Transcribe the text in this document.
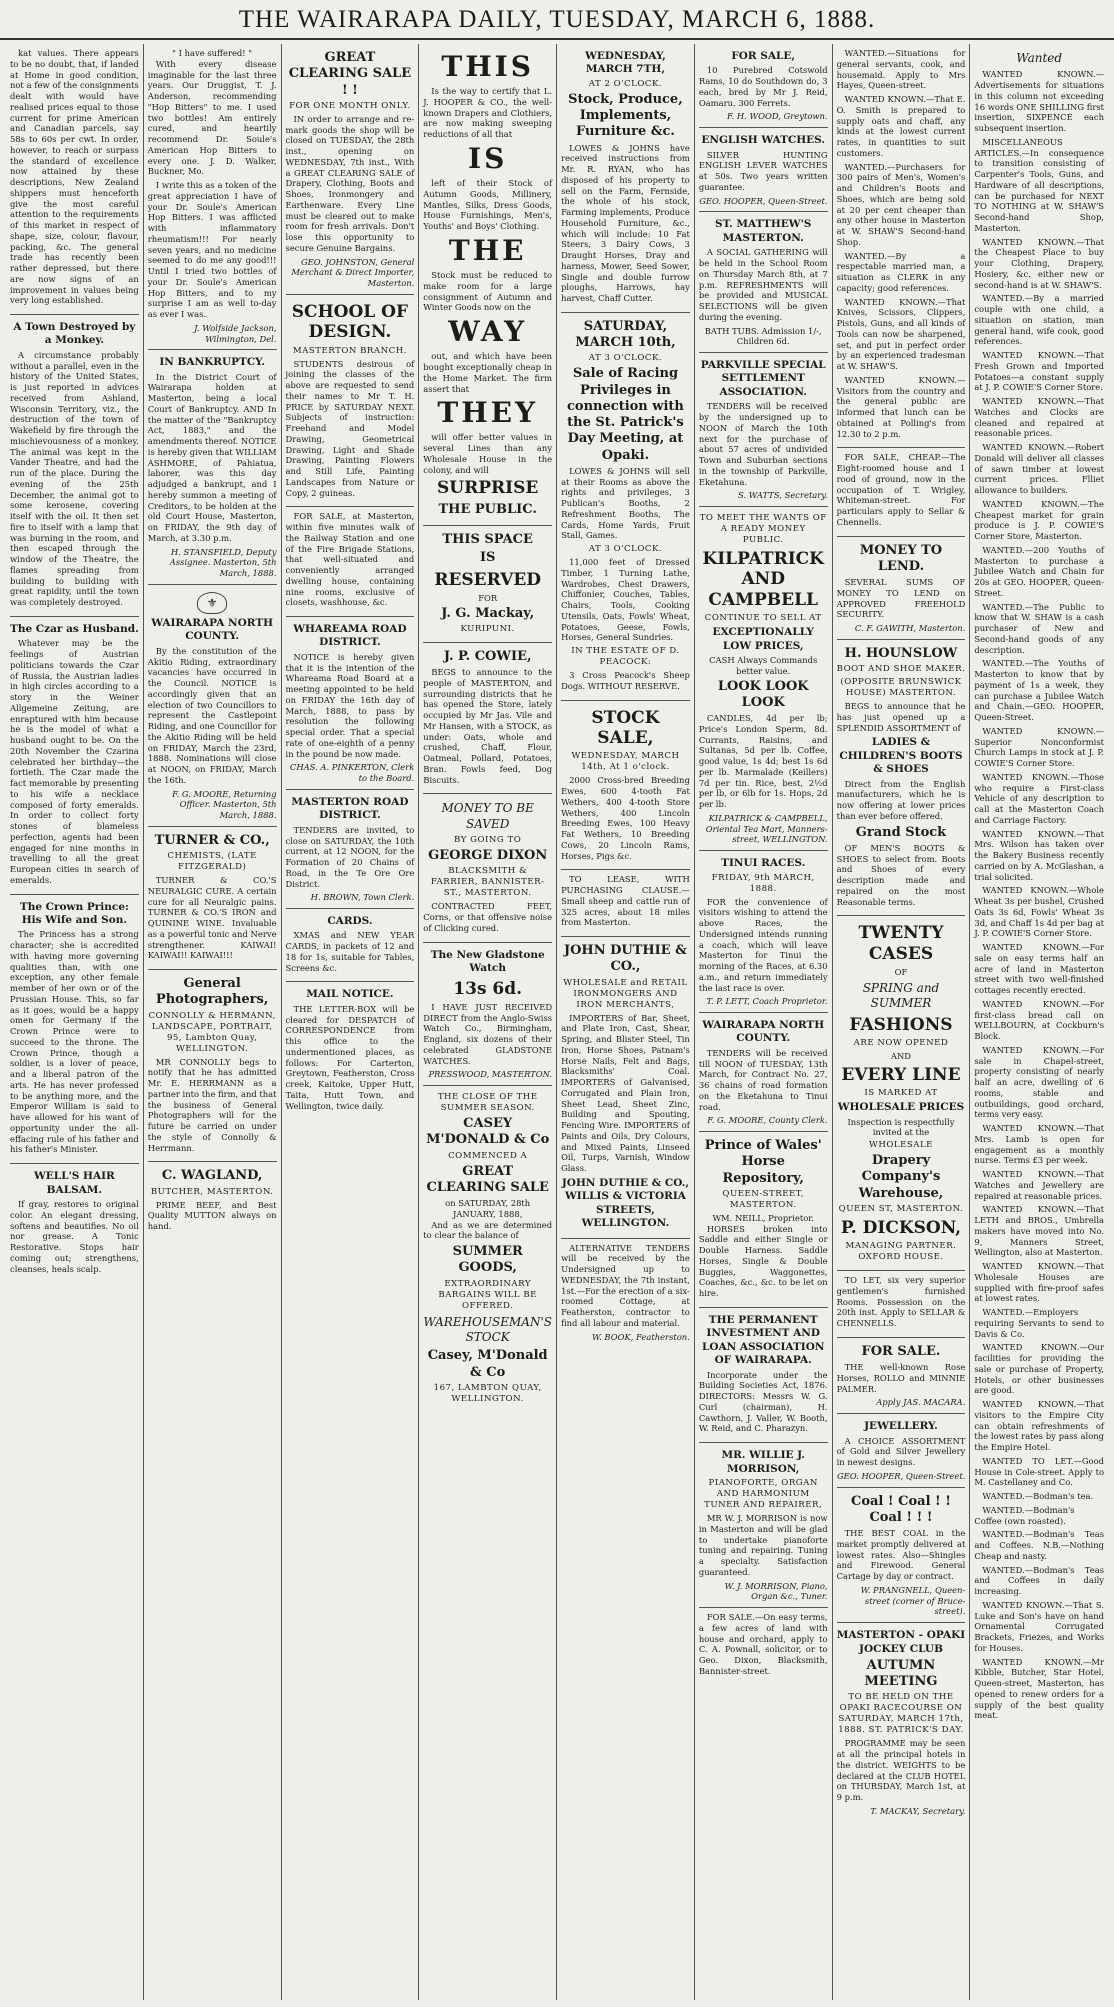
THE WAIRARAPA DAILY, TUESDAY, MARCH 6, 1888.

kat values. There appears to be no doubt, that, if landed at Home in good condition, not a few of the consignments dealt with would have realised prices equal to those current for prime American and Canadian parcels, say 58s to 60s per cwt. In order, however, to reach or surpass the standard of excellence now attained by these descriptions, New Zealand shippers must henceforth give the most careful attention to the requirements of this market in respect of shape, size, colour, flavour, packing, &c. The general trade has recently been rather depressed, but there are now signs of an improvement in values being very long established.

A Town Destroyed by a Monkey.

A circumstance probably without a parallel, even in the history of the United States, is just reported in advices received from Ashland, Wisconsin Territory, viz., the destruction of the town of Wakefield by fire through the mischievousness of a monkey. The animal was kept in the Vander Theatre, and had the run of the place. During the evening of the 25th December, the animal got to some kerosene, covering itself with the oil. It then set fire to itself with a lamp that was burning in the room, and then escaped through the window of the Theatre, the flames spreading from building to building with great rapidity, until the town was completely destroyed.

The Czar as Husband.

Whatever may be the feelings of Austrian politicians towards the Czar of Russia, the Austrian ladies in high circles according to a story in the Weiner Allgemeine Zeitung, are enraptured with him because he is the model of what a husband ought to be. On the 20th November the Czarina celebrated her birthday—the fortieth. The Czar made the fact memorable by presenting to his wife a necklace composed of forty emeralds. In order to collect forty stones of blameless perfection, agents had been engaged for nine months in travelling to all the great European cities in search of emeralds.

The Crown Prince: His Wife and Son.

The Princess has a strong character; she is accredited with having more governing qualities than, with one exception, any other female member of her own or of the Prussian House. This, so far as it goes, would be a happy omen for Germany if the Crown Prince were to succeed to the throne. The Crown Prince, though a soldier, is a lover of peace, and a liberal patron of the arts. He has never professed to be anything more, and the Emperor William is said to have allowed for his want of opportunity under the all-effacing rule of his father and his father's Minister.

WELL'S HAIR BALSAM.

If gray, restores to original color. An elegant dressing, softens and beautifies. No oil nor grease. A Tonic Restorative. Stops hair coming out; strengthens, cleanses, heals scalp.

" I have suffered! "

With every disease imaginable for the last three years. Our Druggist, T. J. Anderson, recommending "Hop Bitters" to me. I used two bottles! Am entirely cured, and heartily recommend Dr. Soule's American Hop Bitters to every one. J. D. Walker, Buckner, Mo.

I write this as a token of the great appreciation I have of your Dr. Soule's American Hop Bitters. I was afflicted with inflammatory rheumatism!!! For nearly seven years, and no medicine seemed to do me any good!!! Until I tried two bottles of your Dr. Soule's American Hop Bitters, and to my surprise I am as well to-day as ever I was.

J. Wolfside Jackson, Wilmington, Del.
IN BANKRUPTCY.

In the District Court of Wairarapa holden at Masterton, being a local Court of Bankruptcy. AND In the matter of the "Bankruptcy Act, 1883," and the amendments thereof. NOTICE is hereby given that WILLIAM ASHMORE, of Pahiatua, laborer, was this day adjudged a bankrupt, and I hereby summon a meeting of Creditors, to be holden at the old Court House, Masterton, on FRIDAY, the 9th day of March, at 3.30 p.m.

H. STANSFIELD, Deputy Assignee. Masterton, 5th March, 1888.
⚜
WAIRARAPA NORTH COUNTY.

By the constitution of the Akitio Riding, extraordinary vacancies have occurred in the Council. NOTICE is accordingly given that an election of two Councillors to represent the Castlepoint Riding, and one Councillor for the Akitio Riding will be held on FRIDAY, March the 23rd, 1888. Nominations will close at NOON, on FRIDAY, March the 16th.

F. G. MOORE, Returning Officer. Masterton, 5th March, 1888.
TURNER & CO.,
CHEMISTS, (LATE FITZGERALD)

TURNER & CO.'S NEURALGIC CURE. A certain cure for all Neuralgic pains. TURNER & CO.'S IRON and QUININE WINE. Invaluable as a powerful tonic and Nerve strengthener. KAIWAI! KAIWAI!! KAIWAI!!!

General Photographers,
CONNOLLY & HERMANN, LANDSCAPE, PORTRAIT, 95, Lambton Quay, WELLINGTON.

MR CONNOLLY begs to notify that he has admitted Mr. E. HERRMANN as a partner into the firm, and that the business of General Photographers will for the future be carried on under the style of Connolly & Herrmann.

C. WAGLAND,
BUTCHER, MASTERTON.

PRIME BEEF, and Best Quality MUTTON always on hand.

GREAT CLEARING SALE ! !
FOR ONE MONTH ONLY.

IN order to arrange and re-mark goods the shop will be closed on TUESDAY, the 28th inst., opening on WEDNESDAY, 7th inst., With a GREAT CLEARING SALE of Drapery, Clothing, Boots and Shoes, Ironmongery and Earthenware. Every Line must be cleared out to make room for fresh arrivals. Don't lose this opportunity to secure Genuine Bargains.

GEO. JOHNSTON, General Merchant & Direct Importer, Masterton.
SCHOOL OF DESIGN.
MASTERTON BRANCH.

STUDENTS desirous of joining the classes of the above are requested to send their names to Mr T. H. PRICE by SATURDAY NEXT. Subjects of instruction: Freehand and Model Drawing, Geometrical Drawing, Light and Shade Drawing, Painting Flowers and Still Life, Painting Landscapes from Nature or Copy, 2 guineas.

FOR SALE, at Masterton, within five minutes walk of the Railway Station and one of the Fire Brigade Stations, that well-situated and conveniently arranged dwelling house, containing nine rooms, exclusive of closets, washhouse, &c.

WHAREAMA ROAD DISTRICT.

NOTICE is hereby given that it is the intention of the Whareama Road Board at a meeting appointed to be held on FRIDAY the 16th day of March, 1888, to pass by resolution the following special order. That a special rate of one-eighth of a penny in the pound be now made.

CHAS. A. PINKERTON, Clerk to the Board.
MASTERTON ROAD DISTRICT.

TENDERS are invited, to close on SATURDAY, the 10th current, at 12 NOON, for the Formation of 20 Chains of Road, in the Te Ore Ore District.

H. BROWN, Town Clerk.
CARDS.

XMAS and NEW YEAR CARDS, in packets of 12 and 18 for 1s, suitable for Tables, Screens &c.

MAIL NOTICE.

THE LETTER-BOX will be cleared for DESPATCH of CORRESPONDENCE from this office to the undermentioned places, as follows: For Carterton, Greytown, Featherston, Cross creek, Kaitoke, Upper Hutt, Taita, Hutt Town, and Wellington, twice daily.

THIS

Is the way to certify that L. J. HOOPER & CO., the well-known Drapers and Clothiers, are now making sweeping reductions of all that

IS

left of their Stock of Autumn Goods, Millinery, Mantles, Silks, Dress Goods, House Furnishings, Men's, Youths' and Boys' Clothing.

THE

Stock must be reduced to make room for a large consignment of Autumn and Winter Goods now on the

WAY

out, and which have been bought exceptionally cheap in the Home Market. The firm assert that

THEY

will offer better values in several Lines than any Wholesale House in the colony, and will

SURPRISE
THE PUBLIC.
THIS SPACE
IS
RESERVED
FOR
J. G. Mackay,
KURIPUNI.
J. P. COWIE,

BEGS to announce to the people of MASTERTON, and surrounding districts that he has opened the Store, lately occupied by Mr Jas. Vile and Mr Hansen, with a STOCK, as under: Oats, whole and crushed, Chaff, Flour, Oatmeal, Pollard, Potatoes, Bran. Fowls feed, Dog Biscuits.

MONEY TO BE SAVED
BY GOING TO
GEORGE DIXON
BLACKSMITH & FARRIER, BANNISTER-ST., MASTERTON.

CONTRACTED FEET, Corns, or that offensive noise of Clicking cured.

The New Gladstone Watch
13s 6d.

I HAVE JUST RECEIVED DIRECT from the Anglo-Swiss Watch Co., Birmingham, England, six dozens of their celebrated GLADSTONE WATCHES.

PRESSWOOD, MASTERTON.
THE CLOSE OF THE SUMMER SEASON.
CASEY M'DONALD & Co
COMMENCED A
GREAT CLEARING SALE
on SATURDAY, 28th JANUARY, 1888,

And as we are determined to clear the balance of

SUMMER GOODS,
EXTRAORDINARY BARGAINS WILL BE OFFERED.
WAREHOUSEMAN'S STOCK
Casey, M'Donald & Co
167, LAMBTON QUAY, WELLINGTON.
WEDNESDAY, MARCH 7TH,
AT 2 O'CLOCK.
Stock, Produce, Implements, Furniture &c.

LOWES & JOHNS have received instructions from Mr. R. RYAN, who has disposed of his property to sell on the Farm, Fernside, the whole of his stock, Farming implements, Produce Household Furniture, &c., which will include: 10 Fat Steers, 3 Dairy Cows, 3 Draught Horses, Dray and harness, Mower, Seed Sower, Single and double furrow ploughs, Harrows, hay harvest, Chaff Cutter.

SATURDAY, MARCH 10th,
AT 3 O'CLOCK.
Sale of Racing Privileges in connection with the St. Patrick's Day Meeting, at Opaki.

LOWES & JOHNS will sell at their Rooms as above the rights and privileges, 3 Publican's Booths, 2 Refreshment Booths, The Cards, Home Yards, Fruit Stall, Games.

AT 3 O'CLOCK.

11,000 feet of Dressed Timber, 1 Turning Lathe, Wardrobes, Chest Drawers, Chiffonier, Couches, Tables, Chairs, Tools, Cooking Utensils, Oats, Fowls' Wheat, Potatoes, Geese, Fowls, Horses, General Sundries.

IN THE ESTATE OF D. PEACOCK:

3 Cross Peacock's Sheep Dogs. WITHOUT RESERVE.

STOCK SALE,
WEDNESDAY, MARCH 14th, At 1 o'clock.

2000 Cross-bred Breeding Ewes, 600 4-tooth Fat Wethers, 400 4-tooth Store Wethers, 400 Lincoln Breeding Ewes, 100 Heavy Fat Wethers, 10 Breeding Cows, 20 Lincoln Rams, Horses, Pigs &c.

TO LEASE, WITH PURCHASING CLAUSE.—Small sheep and cattle run of 325 acres, about 18 miles from Masterton.

JOHN DUTHIE & CO.,
WHOLESALE and RETAIL IRONMONGERS AND IRON MERCHANTS,

IMPORTERS of Bar, Sheet, and Plate Iron, Cast, Shear, Spring, and Blister Steel, Tin Iron, Horse Shoes, Patnam's Horse Nails, Felt and Bags, Blacksmiths' Coal. IMPORTERS of Galvanised, Corrugated and Plain Iron, Sheet Lead, Sheet Zinc, Building and Spouting, Fencing Wire. IMPORTERS of Paints and Oils, Dry Colours, and Mixed Paints, Linseed Oil, Turps, Varnish, Window Glass.

JOHN DUTHIE & CO., WILLIS & VICTORIA STREETS, WELLINGTON.

ALTERNATIVE TENDERS will be received by the Undersigned up to WEDNESDAY, the 7th instant, 1st.—For the erection of a six-roomed Cottage, at Featherston, contractor to find all labour and material.

W. BOOK, Featherston.
FOR SALE,

10 Purebred Cotswold Rams, 10 do Southdown do, 3 each, bred by Mr J. Reid, Oamaru. 300 Ferrets.

F. H. WOOD, Greytown.
ENGLISH WATCHES.

SILVER HUNTING ENGLISH LEVER WATCHES at 50s. Two years written guarantee.

GEO. HOOPER, Queen-Street.
ST. MATTHEW'S MASTERTON.

A SOCIAL GATHERING will be held in the School Room on Thursday March 8th, at 7 p.m. REFRESHMENTS will be provided and MUSICAL SELECTIONS will be given during the evening.

BATH TUBS. Admission 1/-, Children 6d.
PARKVILLE SPECIAL SETTLEMENT ASSOCIATION.

TENDERS will be received by the undersigned up to NOON of March the 10th next for the purchase of about 57 acres of undivided Town and Suburban sections in the township of Parkville, Eketahuna.

S. WATTS, Secretary.
TO MEET THE WANTS OF A READY MONEY PUBLIC.
KILPATRICK AND CAMPBELL
CONTINUE TO SELL AT
EXCEPTIONALLY LOW PRICES,
CASH Always Commands better value.
LOOK LOOK LOOK

CANDLES, 4d per lb; Price's London Sperm, 8d. Currants, Raisins, and Sultanas, 5d per lb. Coffee, good value, 1s 4d; best 1s 6d per lb. Marmalade (Keillers) 7d per tin. Rice, best, 2½d per lb, or 6lb for 1s. Hops, 2d per lb.

KILPATRICK & CAMPBELL, Oriental Tea Mart, Manners-street, WELLINGTON.
TINUI RACES.
FRIDAY, 9th MARCH, 1888.

FOR the convenience of visitors wishing to attend the above Races, the Undersigned intends running a coach, which will leave Masterton for Tinui the morning of the Races, at 6.30 a.m., and return immediately the last race is over.

T. P. LETT, Coach Proprietor.
WAIRARAPA NORTH COUNTY.

TENDERS will be received till NOON of TUESDAY, 13th March, for Contract No. 27, 36 chains of road formation on the Eketahuna to Tinui road.

F. G. MOORE, County Clerk.
Prince of Wales' Horse Repository,
QUEEN-STREET, MASTERTON.
WM. NEILL, Proprietor.

HORSES broken into Saddle and either Single or Double Harness. Saddle Horses, Single & Double Buggies, Waggonettes, Coaches, &c., &c. to be let on hire.

THE PERMANENT INVESTMENT AND LOAN ASSOCIATION OF WAIRARAPA.

Incorporate under the Building Societies Act, 1876. DIRECTORS: Messrs W. G. Curl (chairman), H. Cawthorn, J. Valler, W. Booth, W. Reid, and C. Pharazyn.

MR. WILLIE J. MORRISON,
PIANOFORTE, ORGAN AND HARMONIUM TUNER AND REPAIRER,

MR W. J. MORRISON is now in Masterton and will be glad to undertake pianoforte tuning and repairing. Tuning a specialty. Satisfaction guaranteed.

W. J. MORRISON, Piano, Organ &c., Tuner.

FOR SALE.—On easy terms, a few acres of land with house and orchard, apply to C. A. Pownall, solicitor, or to Geo. Dixon, Blacksmith, Bannister-street.

WANTED.—Situations for general servants, cook, and housemaid. Apply to Mrs Hayes, Queen-street.

WANTED KNOWN.—That E. O. Smith is prepared to supply oats and chaff, any kinds at the lowest current rates, in quantities to suit customers.

WANTED.—Purchasers for 300 pairs of Men's, Women's and Children's Boots and Shoes, which are being sold at 20 per cent cheaper than any other house in Masterton at W. SHAW'S Second-hand Shop.

WANTED.—By a respectable married man, a situation as CLERK in any capacity; good references.

WANTED KNOWN.—That Knives, Scissors, Clippers, Pistols, Guns, and all kinds of Tools can now be sharpened, set, and put in perfect order by an experienced tradesman at W. SHAW'S.

WANTED KNOWN.—Visitors from the country and the general public are informed that lunch can be obtained at Polling's from 12.30 to 2 p.m.

FOR SALE, CHEAP.—The Eight-roomed house and 1 rood of ground, now in the occupation of T. Wrigley, Whiteman-street. For particulars apply to Sellar & Chennells.

MONEY TO LEND.

SEVERAL SUMS OF MONEY TO LEND on APPROVED FREEHOLD SECURITY.

C. F. GAWITH, Masterton.
H. HOUNSLOW
BOOT AND SHOE MAKER.
(OPPOSITE BRUNSWICK HOUSE) MASTERTON.

BEGS to announce that he has just opened up a SPLENDID ASSORTMENT of

LADIES & CHILDREN'S BOOTS & SHOES

Direct from the English manufacturers, which he is now offering at lower prices than ever before offered.

Grand Stock

OF MEN'S BOOTS & SHOES to select from. Boots and Shoes of every description made and repaired on the most Reasonable terms.

TWENTY CASES
OF
SPRING and SUMMER
FASHIONS
ARE NOW OPENED
AND
EVERY LINE
IS MARKED AT
WHOLESALE PRICES
Inspection is respectfully invited at the
WHOLESALE
Drapery Company's Warehouse,
QUEEN ST, MASTERTON.
P. DICKSON,
MANAGING PARTNER. OXFORD HOUSE.

TO LET, six very superior gentlemen's furnished Rooms. Possession on the 20th inst. Apply to SELLAR & CHENNELLS.

FOR SALE.

THE well-known Rose Horses, ROLLO and MINNIE PALMER.

Apply JAS. MACARA.
JEWELLERY.

A CHOICE ASSORTMENT of Gold and Silver Jewellery in newest designs.

GEO. HOOPER, Queen-Street.
Coal ! Coal ! ! Coal ! ! !

THE BEST COAL in the market promptly delivered at lowest rates. Also—Shingles and Firewood. General Cartage by day or contract.

W. PRANGNELL, Queen-street (corner of Bruce-street).
MASTERTON - OPAKI JOCKEY CLUB
AUTUMN MEETING
TO BE HELD ON THE OPAKI RACECOURSE ON SATURDAY, MARCH 17th, 1888. ST. PATRICK'S DAY.

PROGRAMME may be seen at all the principal hotels in the district. WEIGHTS to be declared at the CLUB HOTEL on THURSDAY, March 1st, at 9 p.m.

T. MACKAY, Secretary.
Wanted

WANTED KNOWN.—Advertisements for situations in this column not exceeding 16 words ONE SHILLING first insertion, SIXPENCE each subsequent insertion.

MISCELLANEOUS ARTICLES.—In consequence to transition consisting of Carpenter's Tools, Guns, and Hardware of all descriptions, can be purchased for NEXT TO NOTHING at W. SHAW'S Second-hand Shop, Masterton.

WANTED KNOWN.—That the Cheapest Place to buy your Clothing, Drapery, Hosiery, &c. either new or second-hand is at W. SHAW'S.

WANTED.—By a married couple with one child, a situation on station, man general hand, wife cook, good references.

WANTED KNOWN.—That Fresh Grown and Imported Potatoes—a constant supply at J. P. COWIE'S Corner Store.

WANTED KNOWN.—That Watches and Clocks are cleaned and repaired at reasonable prices.

WANTED KNOWN.—Robert Donald will deliver all classes of sawn timber at lowest current prices. Flliet allowance to builders.

WANTED KNOWN.—The Cheapest market for grain produce is J. P. COWIE'S Corner Store, Masterton.

WANTED.—200 Youths of Masterton to purchase a Jubilee Watch and Chain for 20s at GEO. HOOPER, Queen-Street.

WANTED.—The Public to know that W. SHAW is a cash purchaser of New and Second-hand goods of any description.

WANTED.—The Youths of Masterton to know that by payment of 1s a week, they can purchase a Jubilee Watch and Chain.—GEO. HOOPER, Queen-Street.

WANTED KNOWN.— Superior Nonconformist Church Lamps in stock at J. P. COWIE'S Corner Store.

WANTED KNOWN.—Those who require a First-class Vehicle of any description to call at the Masterton Coach and Carriage Factory.

WANTED KNOWN.—That Mrs. Wilson has taken over the Bakery Business recently carried on by A. McGlashan, a trial solicited.

WANTED KNOWN.—Whole Wheat 3s per bushel, Crushed Oats 3s 6d, Fowls' Wheat 3s 3d, and Chaff 1s 4d per bag at J. P. COWIE'S Corner Store.

WANTED KNOWN.—For sale on easy terms half an acre of land in Masterton street with two well-finished cottages recently erected.

WANTED KNOWN.—For first-class bread call on WELLBOURN, at Cockburn's Block.

WANTED KNOWN.—For sale in Chapel-street, property consisting of nearly half an acre, dwelling of 6 rooms, stable and outbuildings, good orchard, terms very easy.

WANTED KNOWN.—That Mrs. Lamb is open for engagement as a monthly nurse. Terms £3 per week.

WANTED KNOWN.—That Watches and Jewellery are repaired at reasonable prices.

WANTED KNOWN.—That LETH and BROS., Umbrella makers have moved into No. 9, Manners Street, Wellington, also at Masterton.

WANTED KNOWN.—That Wholesale Houses are supplied with fire-proof safes at lowest rates.

WANTED.—Employers requiring Servants to send to Davis & Co.

WANTED KNOWN.—Our facilities for providing the sale or purchase of Property, Hotels, or other businesses are good.

WANTED KNOWN.—That visitors to the Empire City can obtain refreshments of the lowest rates by pass along the Empire Hotel.

WANTED TO LET.—Good House in Cole-street. Apply to M. Castellaney and Co.

WANTED.—Bodman's tea.

WANTED.—Bodman's Coffee (own roasted).

WANTED.—Bodman's Teas and Coffees. N.B.—Nothing Cheap and nasty.

WANTED.—Bodman's Teas and Coffees in daily increasing.

WANTED KNOWN.—That S. Luke and Son's have on hand Ornamental Corrugated Brackets, Friezes, and Works for Houses.

WANTED KNOWN.—Mr Kibble, Butcher, Star Hotel, Queen-street, Masterton, has opened to renew orders for a supply of the best quality meat.
